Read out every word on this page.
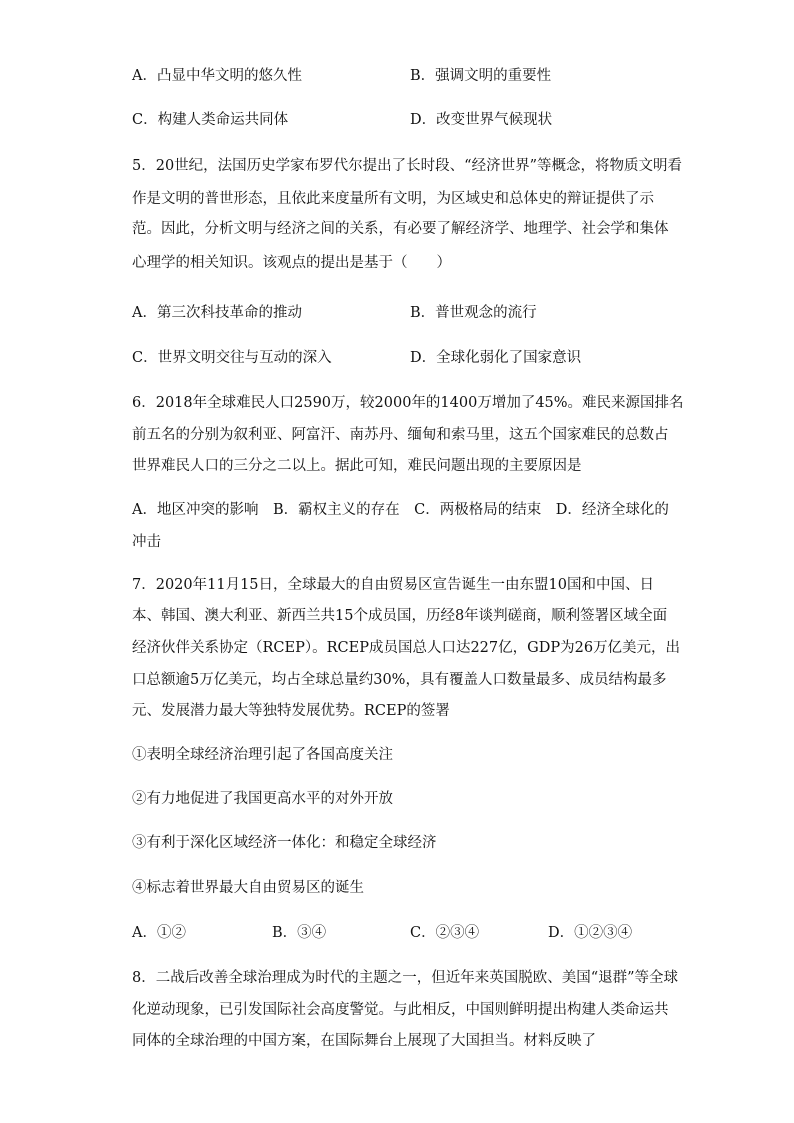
A．凸显中华文明的悠久性	B．强调文明的重要性
C．构建人类命运共同体	D．改变世界气候现状
5．20世纪，法国历史学家布罗代尔提出了长时段、“经济世界”等概念，将物质文明看
作是文明的普世形态，且依此来度量所有文明，为区域史和总体史的辩证提供了示
范。因此，分析文明与经济之间的关系，有必要了解经济学、地理学、社会学和集体
心理学的相关知识。该观点的提出是基于（　　）
A．第三次科技革命的推动	B．普世观念的流行
C．世界文明交往与互动的深入	D．全球化弱化了国家意识
6．2018年全球难民人口2590万，较2000年的1400万增加了45%。难民来源国排名
前五名的分别为叙利亚、阿富汗、南苏丹、缅甸和索马里，这五个国家难民的总数占
世界难民人口的三分之二以上。据此可知，难民问题出现的主要原因是
A．地区冲突的影响　B．霸权主义的存在　C．两极格局的结束　D．经济全球化的
冲击
7．2020年11月15日，全球最大的自由贸易区宣告诞生一由东盟10国和中国、日
本、韩国、澳大利亚、新西兰共15个成员国，历经8年谈判磋商，顺利签署区域全面
经济伙伴关系协定（RCEP）。RCEP成员国总人口达227亿，GDP为26万亿美元，出
口总额逾5万亿美元，均占全球总量约30%，具有覆盖人口数量最多、成员结构最多
元、发展潜力最大等独特发展优势。RCEP的签署
①表明全球经济治理引起了各国高度关注
②有力地促进了我国更高水平的对外开放
③有利于深化区域经济一体化：和稳定全球经济
④标志着世界最大自由贸易区的诞生
A．①②	B．③④	C．②③④	D．①②③④
8．二战后改善全球治理成为时代的主题之一，但近年来英国脱欧、美国“退群”等全球
化逆动现象，已引发国际社会高度警觉。与此相反，中国则鲜明提出构建人类命运共
同体的全球治理的中国方案，在国际舞台上展现了大国担当。材料反映了
